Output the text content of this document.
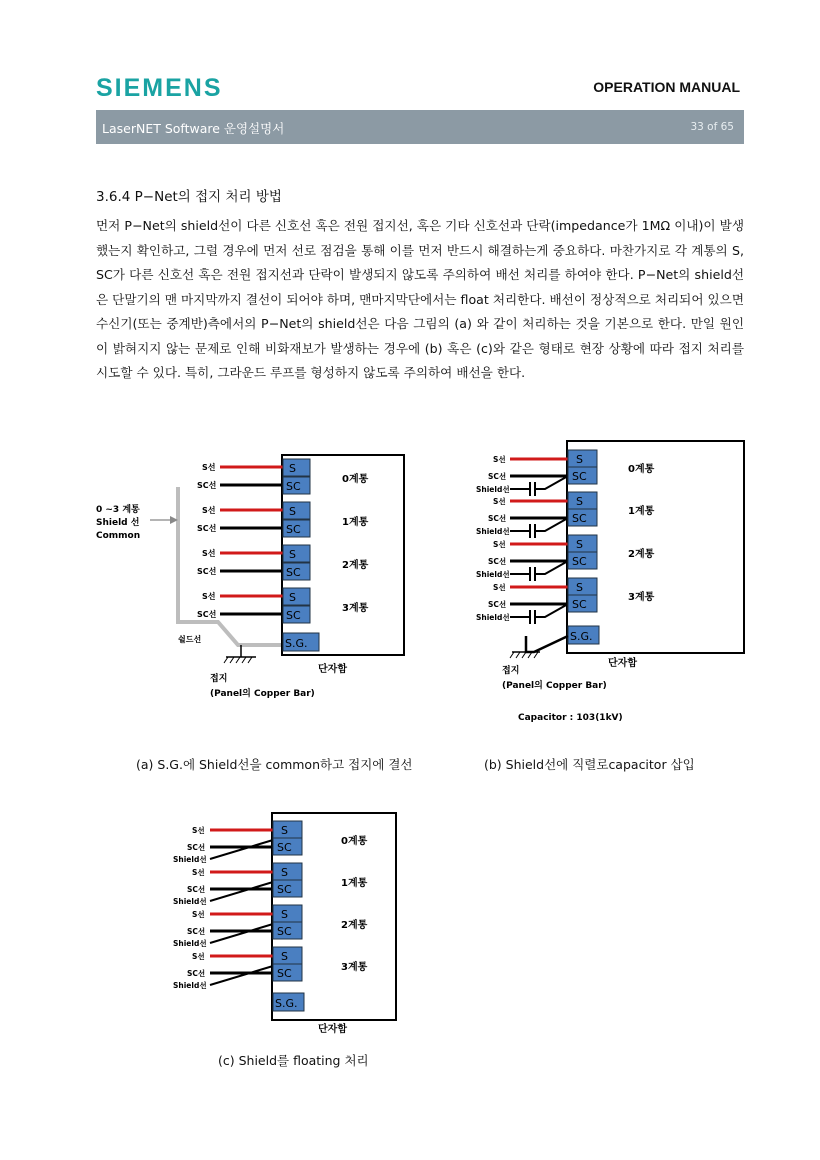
SIEMENS	OPERATION MANUAL
LaserNET Software 운영설명서	33 of 65
3.6.4 P−Net의 접지 처리 방법

먼저 P−Net의 shield선이 다른 신호선 혹은 전원 접지선, 혹은 기타 신호선과 단락(impedance가 1MΩ 이내)이 발생했는지 확인하고, 그럴 경우에 먼저 선로 점검을 통해 이를 먼저 반드시 해결하는게 중요하다. 마찬가지로 각 계통의 S, SC가 다른 신호선 혹은 전원 접지선과 단락이 발생되지 않도록 주의하여 배선 처리를 하여야 한다. P−Net의 shield선은 단말기의 맨 마지막까지 결선이 되어야 하며, 맨마지막단에서는 float 처리한다. 배선이 정상적으로 처리되어 있으면 수신기(또는 중계반)측에서의 P−Net의 shield선은 다음 그림의 (a) 와 같이 처리하는 것을 기본으로 한다. 만일 원인이 밝혀지지 않는 문제로 인해 비화재보가 발생하는 경우에 (b) 혹은 (c)와 같은 형태로 현장 상황에 따라 접지 처리를 시도할 수 있다. 특히, 그라운드 루프를 형성하지 않도록 주의하여 배선을 한다.

0 ~3 계통
Shield 선
Common
S
SC
S선
SC선
0계통
S
SC
S선
SC선
1계통
S
SC
S선
SC선
2계통
S
SC
S선
SC선
3계통
S.G.
쉴드선
단자함
접지
(Panel의 Copper Bar)
S
SC
S선
SC선
Shield선
0계통
S
SC
S선
SC선
Shield선
1계통
S
SC
S선
SC선
Shield선
2계통
S
SC
S선
SC선
Shield선
3계통
S.G.
단자함
접지
(Panel의 Copper Bar)
Capacitor : 103(1kV)
S
SC
S선
SC선
Shield선
0계통
S
SC
S선
SC선
Shield선
1계통
S
SC
S선
SC선
Shield선
2계통
S
SC
S선
SC선
Shield선
3계통
S.G.
단자함
(a) S.G.에 Shield선을 common하고 접지에 결선	(b) Shield선에 직렬로capacitor 삽입
(c) Shield를 floating 처리
